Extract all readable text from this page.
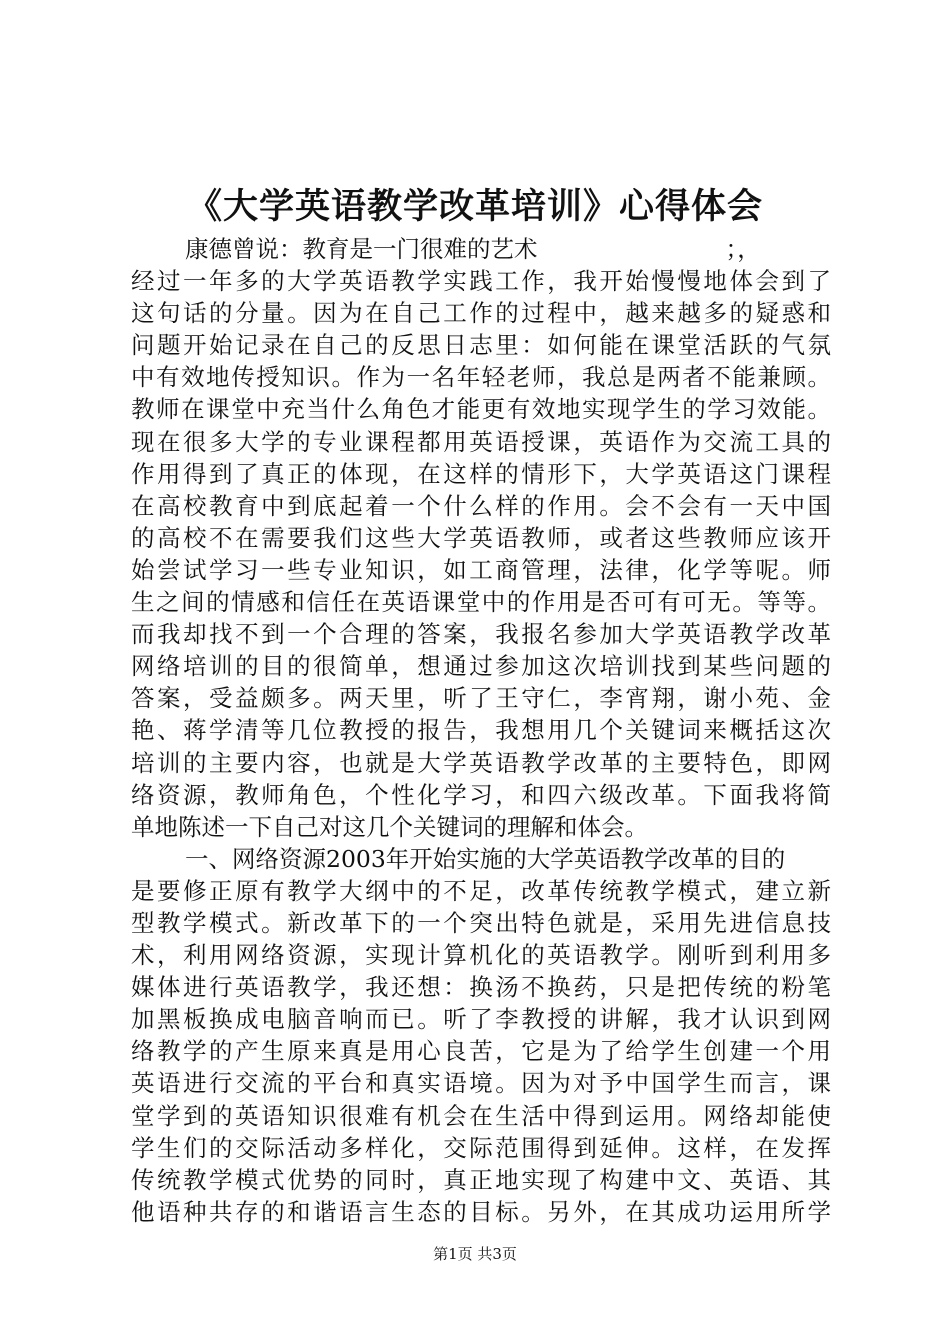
《大学英语教学改革培训》心得体会
康德曾说：教育是一门很难的艺术　　　　　　　　；，
经过一年多的大学英语教学实践工作，我开始慢慢地体会到了
这句话的分量。因为在自己工作的过程中，越来越多的疑惑和
问题开始记录在自己的反思日志里：如何能在课堂活跃的气氛
中有效地传授知识。作为一名年轻老师，我总是两者不能兼顾。
教师在课堂中充当什么角色才能更有效地实现学生的学习效能。
现在很多大学的专业课程都用英语授课，英语作为交流工具的
作用得到了真正的体现，在这样的情形下，大学英语这门课程
在高校教育中到底起着一个什么样的作用。会不会有一天中国
的高校不在需要我们这些大学英语教师，或者这些教师应该开
始尝试学习一些专业知识，如工商管理，法律，化学等呢。师
生之间的情感和信任在英语课堂中的作用是否可有可无。等等。
而我却找不到一个合理的答案，我报名参加大学英语教学改革
网络培训的目的很简单，想通过参加这次培训找到某些问题的
答案，受益颇多。两天里，听了王守仁，李宵翔，谢小苑、金
艳、蒋学清等几位教授的报告，我想用几个关键词来概括这次
培训的主要内容，也就是大学英语教学改革的主要特色，即网
络资源，教师角色，个性化学习，和四六级改革。下面我将简
单地陈述一下自己对这几个关键词的理解和体会。
一、网络资源2003年开始实施的大学英语教学改革的目的
是要修正原有教学大纲中的不足，改革传统教学模式，建立新
型教学模式。新改革下的一个突出特色就是，采用先进信息技
术，利用网络资源，实现计算机化的英语教学。刚听到利用多
媒体进行英语教学，我还想：换汤不换药，只是把传统的粉笔
加黑板换成电脑音响而已。听了李教授的讲解，我才认识到网
络教学的产生原来真是用心良苦，它是为了给学生创建一个用
英语进行交流的平台和真实语境。因为对予中国学生而言，课
堂学到的英语知识很难有机会在生活中得到运用。网络却能使
学生们的交际活动多样化，交际范围得到延伸。这样，在发挥
传统教学模式优势的同时，真正地实现了构建中文、英语、其
他语种共存的和谐语言生态的目标。另外，在其成功运用所学
第1页 共3页
